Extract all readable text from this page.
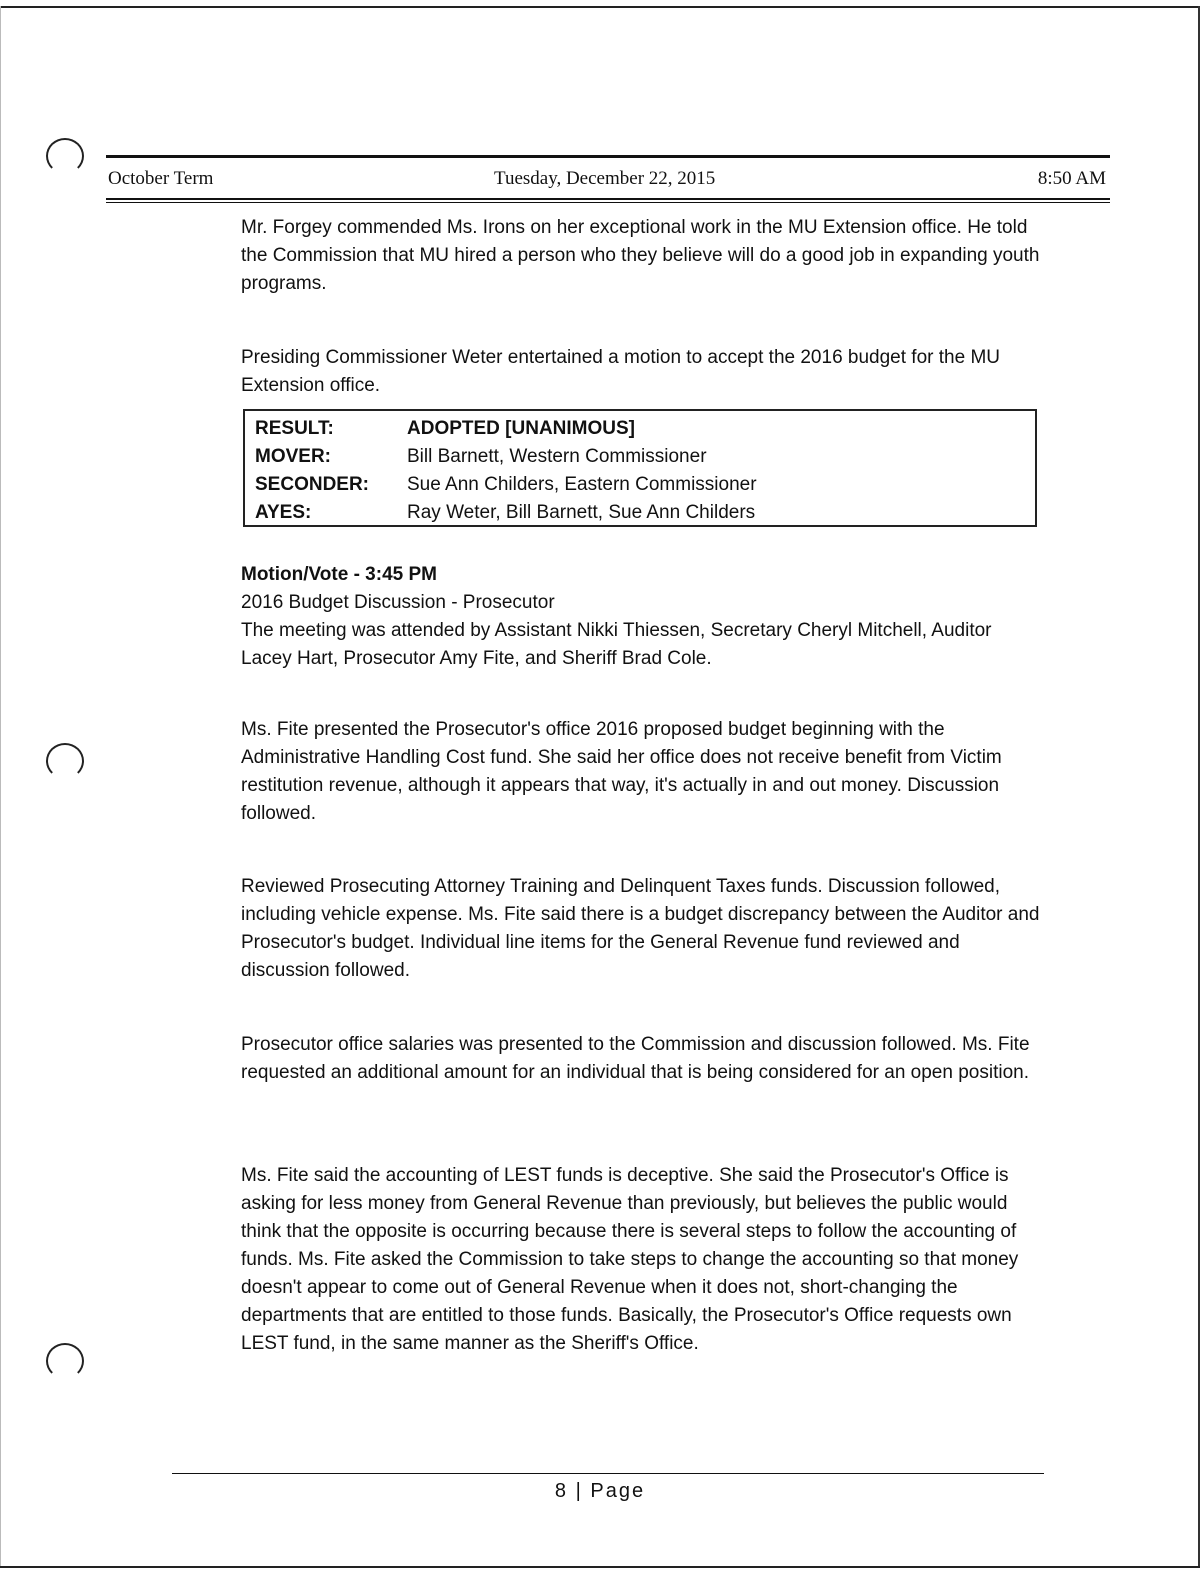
October Term	Tuesday, December 22, 2015	8:50 AM

Mr. Forgey commended Ms. Irons on her exceptional work in the MU Extension office. He told the Commission that MU hired a person who they believe will do a good job in expanding youth programs.

Presiding Commissioner Weter entertained a motion to accept the 2016 budget for the MU Extension office.

RESULT:	ADOPTED [UNANIMOUS]
MOVER:	Bill Barnett, Western Commissioner
SECONDER:	Sue Ann Childers, Eastern Commissioner
AYES:	Ray Weter, Bill Barnett, Sue Ann Childers

Motion/Vote - 3:45 PM

2016 Budget Discussion - Prosecutor

The meeting was attended by Assistant Nikki Thiessen, Secretary Cheryl Mitchell, Auditor Lacey Hart, Prosecutor Amy Fite, and Sheriff Brad Cole.

Ms. Fite presented the Prosecutor's office 2016 proposed budget beginning with the Administrative Handling Cost fund. She said her office does not receive benefit from Victim restitution revenue, although it appears that way, it's actually in and out money. Discussion followed.

Reviewed Prosecuting Attorney Training and Delinquent Taxes funds. Discussion followed, including vehicle expense. Ms. Fite said there is a budget discrepancy between the Auditor and Prosecutor's budget. Individual line items for the General Revenue fund reviewed and discussion followed.

Prosecutor office salaries was presented to the Commission and discussion followed. Ms. Fite requested an additional amount for an individual that is being considered for an open position.

Ms. Fite said the accounting of LEST funds is deceptive. She said the Prosecutor's Office is asking for less money from General Revenue than previously, but believes the public would think that the opposite is occurring because there is several steps to follow the accounting of funds. Ms. Fite asked the Commission to take steps to change the accounting so that money doesn't appear to come out of General Revenue when it does not, short-changing the departments that are entitled to those funds. Basically, the Prosecutor's Office requests own LEST fund, in the same manner as the Sheriff's Office.

8 | Page
